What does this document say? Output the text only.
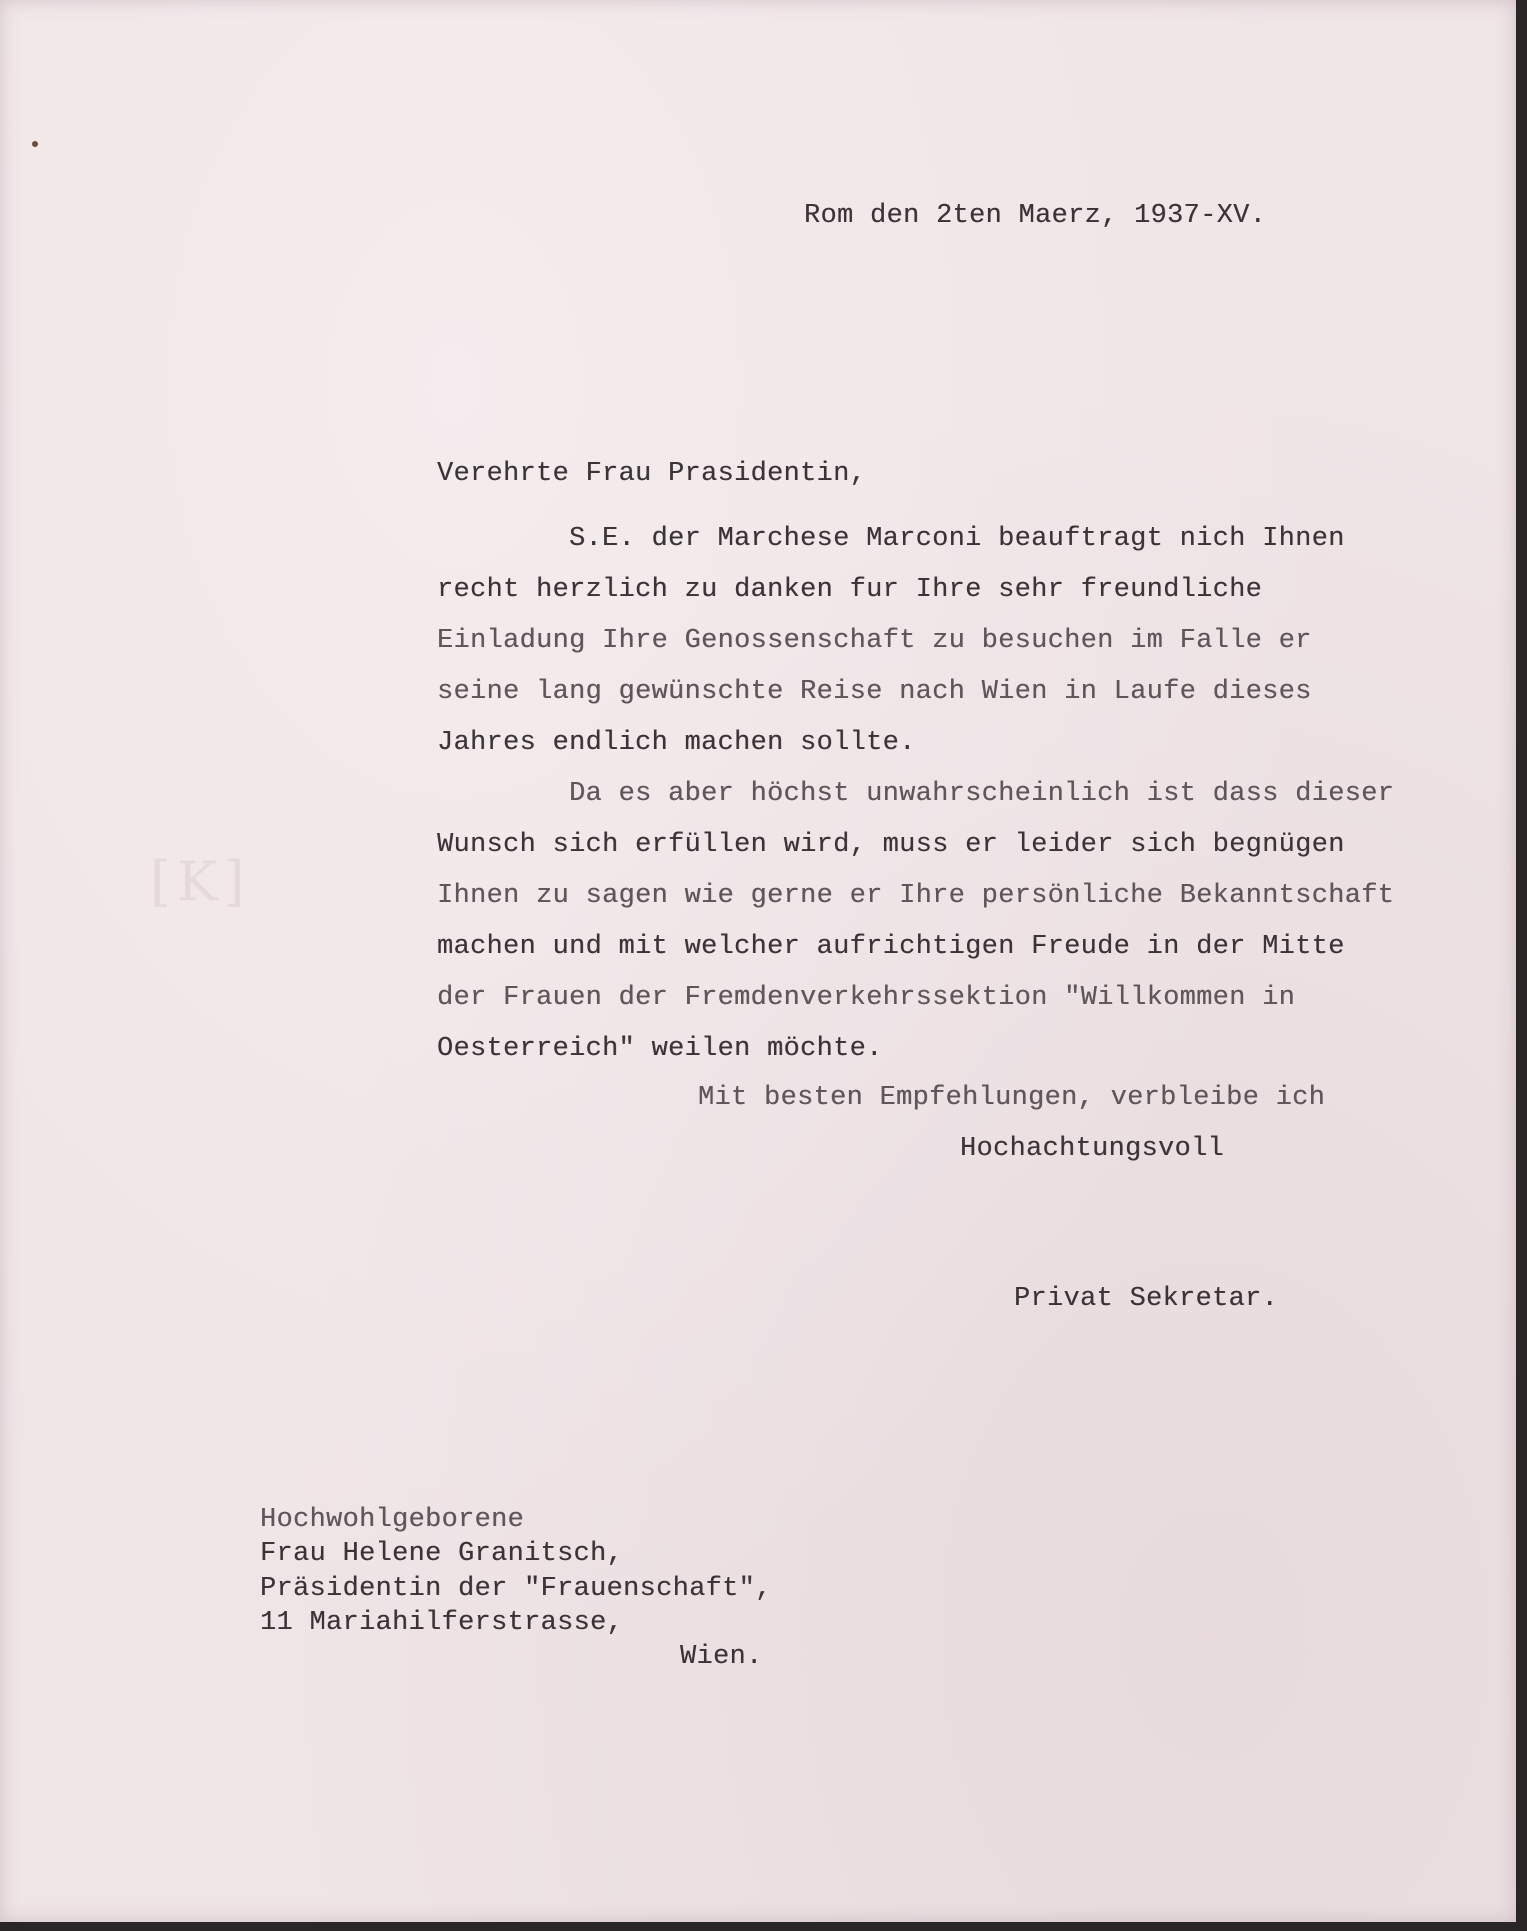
[K]

Rom den 2ten Maerz, 1937-XV.

Verehrte Frau Prasidentin,

S.E. der Marchese Marconi beauftragt nich Ihnen

recht herzlich zu danken fur Ihre sehr freundliche

Einladung Ihre Genossenschaft zu besuchen im Falle er

seine lang gewünschte Reise nach Wien in Laufe dieses

Jahres endlich machen sollte.

Da es aber höchst unwahrscheinlich ist dass dieser

Wunsch sich erfüllen wird, muss er leider sich begnügen

Ihnen zu sagen wie gerne er Ihre persönliche Bekanntschaft

machen und mit welcher aufrichtigen Freude in der Mitte

der Frauen der Fremdenverkehrssektion "Willkommen in

Oesterreich" weilen möchte.

Mit besten Empfehlungen, verbleibe ich

Hochachtungsvoll

Privat Sekretar.

Hochwohlgeborene

Frau Helene Granitsch,

Präsidentin der "Frauenschaft",

11 Mariahilferstrasse,

Wien.
